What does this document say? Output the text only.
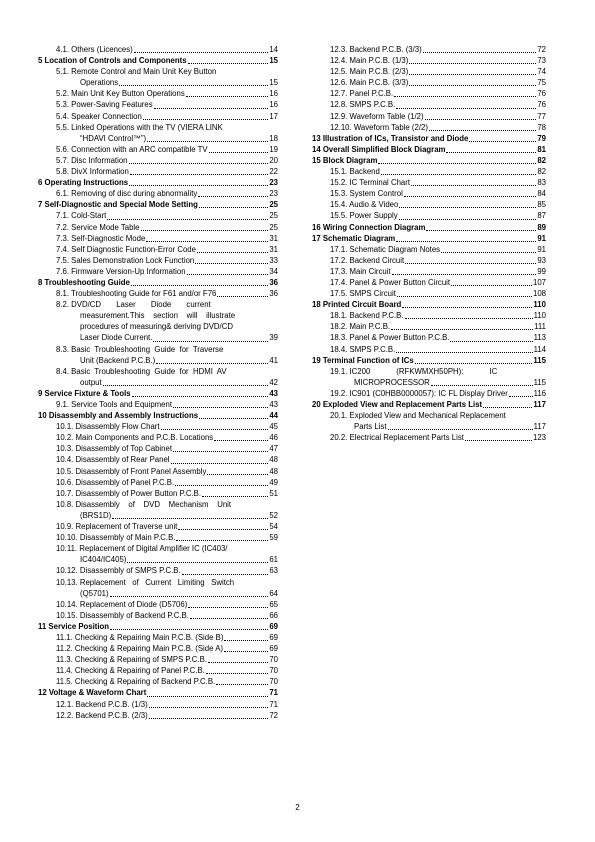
4.1. Others (Licences)	14
5 Location of Controls and Components	15
5.1. Remote Control and Main Unit Key Button
Operations	15
5.2. Main Unit Key Button Operations	16
5.3. Power-Saving Features	16
5.4. Speaker Connection	17
5.5. Linked Operations with the TV (VIERA LINK
“HDAVI Control™”)	18
5.6. Connection with an ARC compatible TV	19
5.7. Disc Information	20
5.8. DivX Information	22
6 Operating Instructions	23
6.1. Removing of disc during abnormality	23
7 Self-Diagnostic and Special Mode Setting	25
7.1. Cold-Start	25
7.2. Service Mode Table	25
7.3. Self-Diagnostic Mode	31
7.4. Self Diagnostic Function-Error Code	31
7.5. Sales Demonstration Lock Function	33
7.6. Firmware Version-Up Information	34
8 Troubleshooting Guide	36
8.1. Troubleshooting Guide for F61 and/or F76	36
8.2. DVD/CD       Laser       Diode       current
measurement.This    section    will    illustrate
procedures of measuring& deriving DVD/CD
Laser Diode Current.	39
8.3. Basic  Troubleshooting  Guide  for  Traverse
Unit (Backend P.C.B.)	41
8.4. Basic  Troubleshooting  Guide  for  HDMI  AV
output	42
9 Service Fixture & Tools	43
9.1. Service Tools and Equipment	43
10 Disassembly and Assembly Instructions	44
10.1. Disassembly Flow Chart	45
10.2. Main Components and P.C.B. Locations	46
10.3. Disassembly of Top Cabinet	47
10.4. Disassembly of Rear Panel	48
10.5. Disassembly of Front Panel Assembly	48
10.6. Disassembly of Panel P.C.B.	49
10.7. Disassembly of Power Button P.C.B.	51
10.8. Disassembly    of    DVD    Mechanism    Unit
(BRS1D)	52
10.9. Replacement of Traverse unit	54
10.10. Disassembly of Main P.C.B.	59
10.11. Replacement of Digital Amplifier IC (IC403/
IC404/IC405)	61
10.12. Disassembly of SMPS P.C.B.	63
10.13. Replacement   of   Current   Limiting   Switch
(Q5701)	64
10.14. Replacement of Diode (D5706)	65
10.15. Disassembly of Backend P.C.B.	66
11 Service Position	69
11.1. Checking & Repairing Main P.C.B. (Side B)	69
11.2. Checking & Repairing Main P.C.B. (Side A)	69
11.3. Checking & Repairing of SMPS P.C.B.	70
11.4. Checking & Repairing of Panel P.C.B.	70
11.5. Checking & Repairing of Backend P.C.B.	70
12 Voltage & Waveform Chart	71
12.1. Backend P.C.B. (1/3)	71
12.2. Backend P.C.B. (2/3)	72
12.3. Backend P.C.B. (3/3)	72
12.4. Main P.C.B. (1/3)	73
12.5. Main P.C.B. (2/3)	74
12.6. Main P.C.B. (3/3)	75
12.7. Panel P.C.B.	76
12.8. SMPS P.C.B.	76
12.9. Waveform Table (1/2)	77
12.10. Waveform Table (2/2)	78
13 Illustration of ICs, Transistor and Diode	79
14 Overall Simplified Block Diagram	81
15 Block Diagram	82
15.1. Backend	82
15.2. IC Terminal Chart	83
15.3. System Control	84
15.4. Audio & Video	85
15.5. Power Supply	87
16 Wiring Connection Diagram	89
17 Schematic Diagram	91
17.1. Schematic Diagram Notes	91
17.2. Backend Circuit	93
17.3. Main Circuit	99
17.4. Panel & Power Button Circuit	107
17.5. SMPS Circuit	108
18 Printed Circuit Board	110
18.1. Backend P.C.B.	110
18.2. Main P.C.B.	111
18.3. Panel & Power Button P.C.B.	113
18.4. SMPS P.C.B.	114
19 Terminal Function of ICs	115
19.1. IC200            (RFKWMXH50PH):            IC
MICROPROCESSOR	115
19.2. IC901 (C0HBB0000057): IC FL Display Driver	116
20 Exploded View and Replacement Parts List	117
20.1. Exploded View and Mechanical Replacement
Parts List	117
20.2. Electrical Replacement Parts List	123
2
